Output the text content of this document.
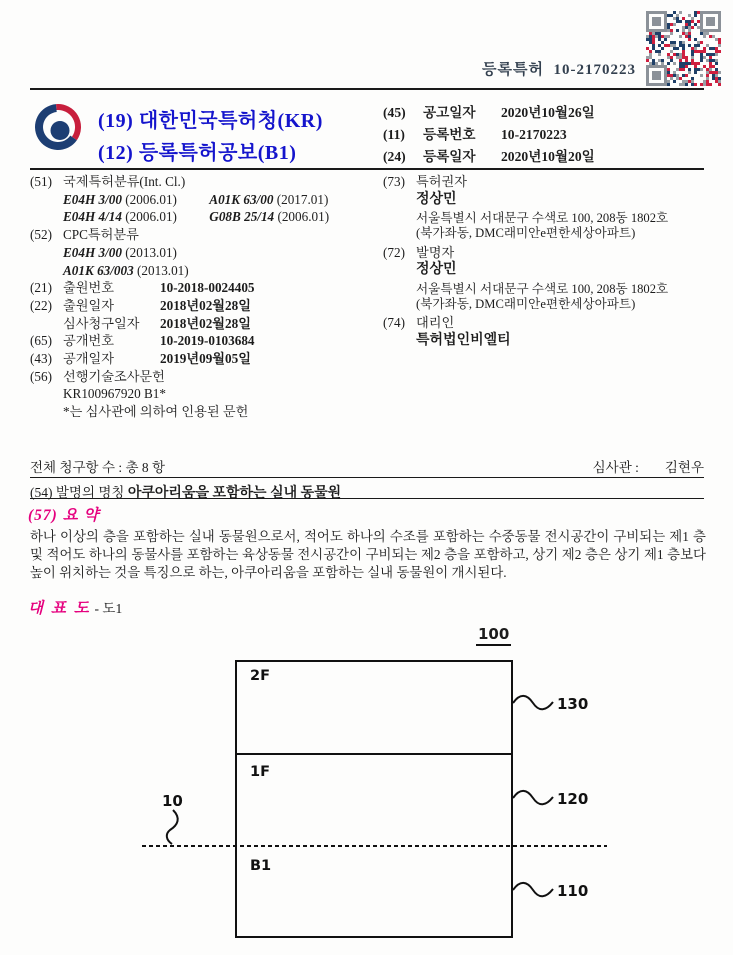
등록특허 10-2170223
(19) 대한민국특허청(KR)
(12) 등록특허공보(B1)
(45)	공고일자	2020년10월26일
(11)	등록번호	10-2170223
(24)	등록일자	2020년10월20일
(51) 국제특허분류(Int. Cl.)
E04H 3/00 (2006.01) A01K 63/00 (2017.01)
E04H 4/14 (2006.01) G08B 25/14 (2006.01)
(52) CPC특허분류
E04H 3/00 (2013.01)
A01K 63/003 (2013.01)
(21) 출원번호	10-2018-0024405
(22) 출원일자	2018년02월28일
심사청구일자 2018년02월28일
(65) 공개번호	10-2019-0103684
(43) 공개일자	2019년09월05일
(56) 선행기술조사문헌
KR100967920 B1*
*는 심사관에 의하여 인용된 문헌
(73) 특허권자
정상민
서울특별시 서대문구 수색로 100, 208동 1802호
(북가좌동, DMC래미안e편한세상아파트)
(72) 발명자
정상민
서울특별시 서대문구 수색로 100, 208동 1802호
(북가좌동, DMC래미안e편한세상아파트)
(74) 대리인
특허법인비엘티
전체 청구항 수 : 총 8 항	심사관 : 김현우
(54) 발명의 명칭 아쿠아리움을 포함하는 실내 동물원
(57) 요 약
하나 이상의 층을 포함하는 실내 동물원으로서, 적어도 하나의 수조를 포함하는 수중동물 전시공간이 구비되는 제1 층 및 적어도 하나의 동물사를 포함하는 육상동물 전시공간이 구비되는 제2 층을 포함하고, 상기 제2 층은 상기 제1 층보다 높이 위치하는 것을 특징으로 하는, 아쿠아리움을 포함하는 실내 동물원이 개시된다.
대 표 도 - 도1
100
2F
1F
B1
130
120
110
10
